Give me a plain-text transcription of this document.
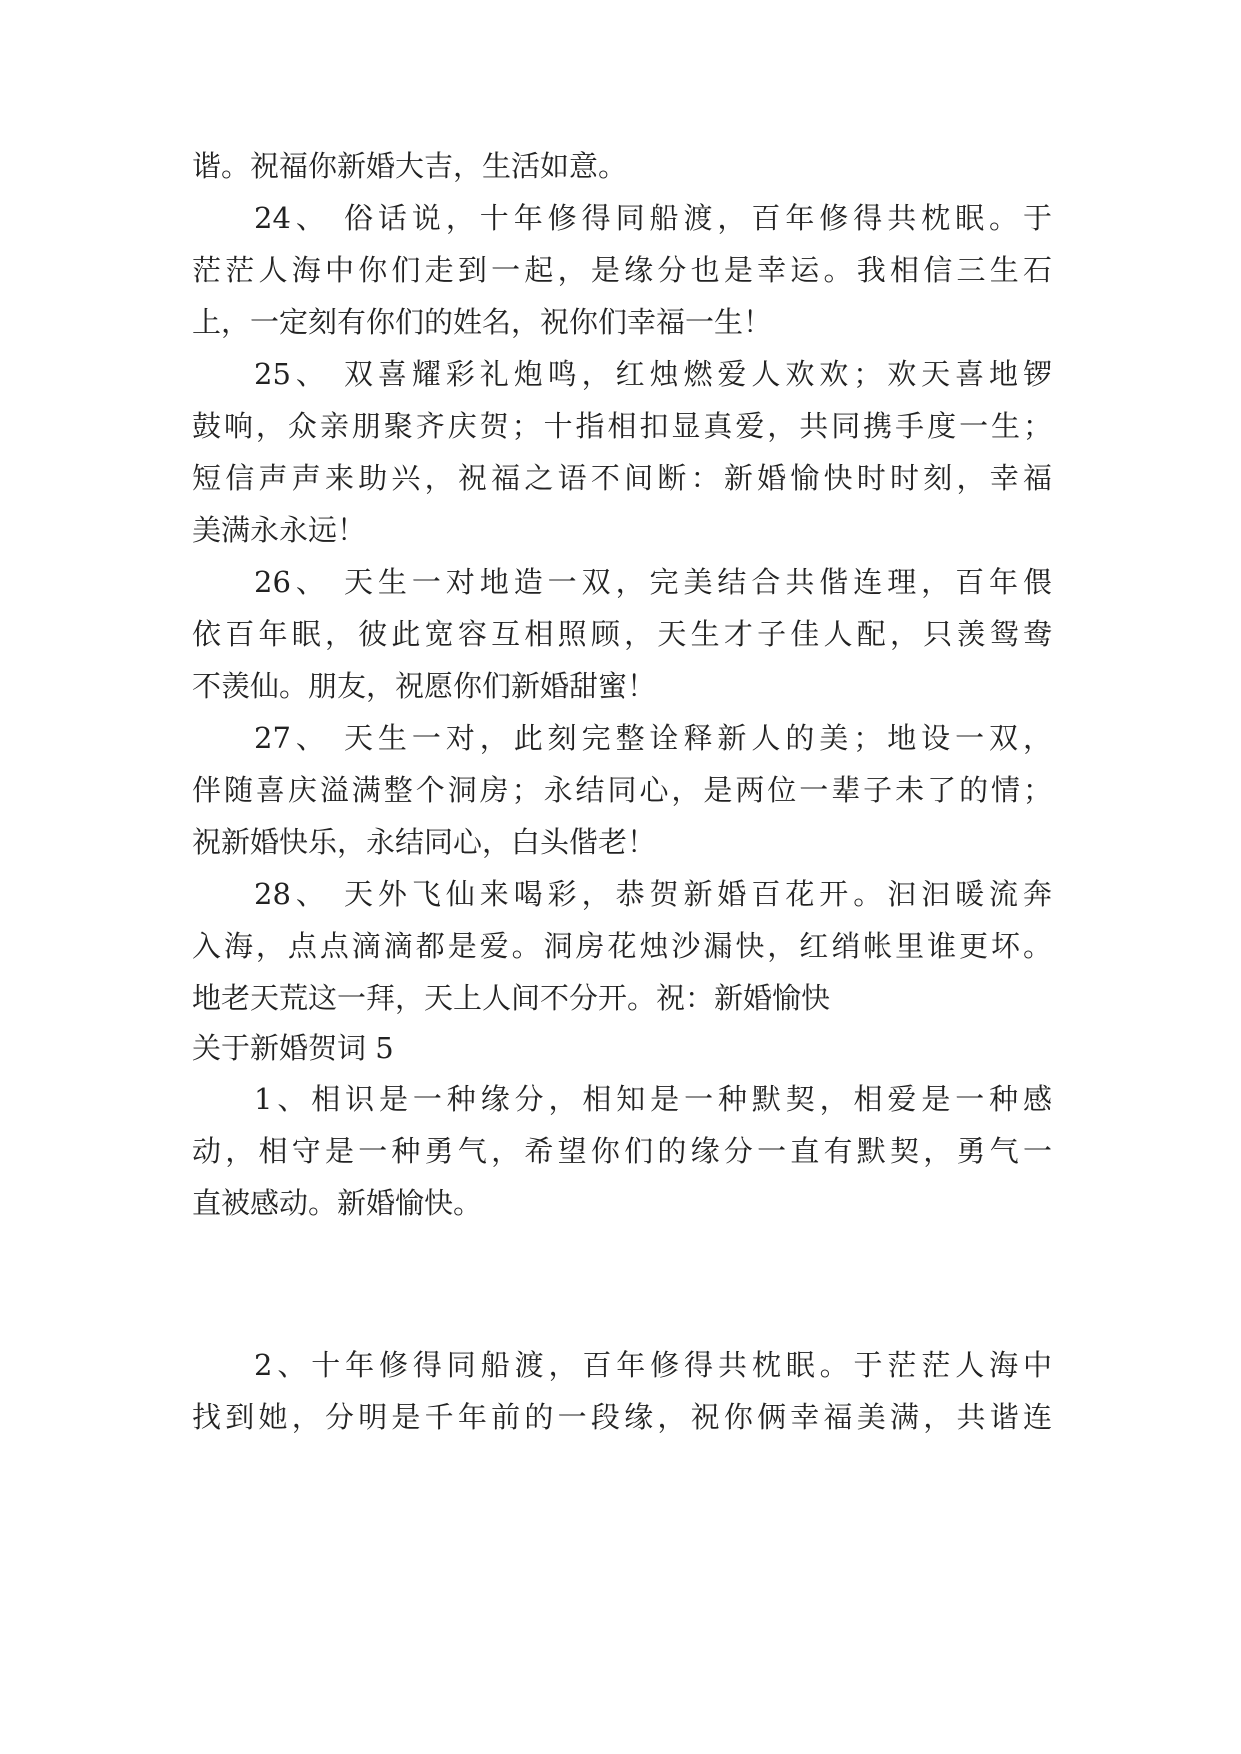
谐。祝福你新婚大吉，生活如意。
24、 俗话说，十年修得同船渡，百年修得共枕眠。于
茫茫人海中你们走到一起，是缘分也是幸运。我相信三生石
上，一定刻有你们的姓名，祝你们幸福一生！
25、 双喜耀彩礼炮鸣，红烛燃爱人欢欢；欢天喜地锣
鼓响，众亲朋聚齐庆贺；十指相扣显真爱，共同携手度一生；
短信声声来助兴，祝福之语不间断：新婚愉快时时刻，幸福
美满永永远！
26、 天生一对地造一双，完美结合共偕连理，百年偎
依百年眠，彼此宽容互相照顾，天生才子佳人配，只羡鸳鸯
不羡仙。朋友，祝愿你们新婚甜蜜！
27、 天生一对，此刻完整诠释新人的美；地设一双，
伴随喜庆溢满整个洞房；永结同心，是两位一辈子未了的情；
祝新婚快乐，永结同心，白头偕老！
28、 天外飞仙来喝彩，恭贺新婚百花开。汩汩暖流奔
入海，点点滴滴都是爱。洞房花烛沙漏快，红绡帐里谁更坏。
地老天荒这一拜，天上人间不分开。祝：新婚愉快
关于新婚贺词 5
1、相识是一种缘分，相知是一种默契，相爱是一种感
动，相守是一种勇气，希望你们的缘分一直有默契，勇气一
直被感动。新婚愉快。
2、十年修得同船渡，百年修得共枕眠。于茫茫人海中
找到她，分明是千年前的一段缘，祝你俩幸福美满，共谐连
